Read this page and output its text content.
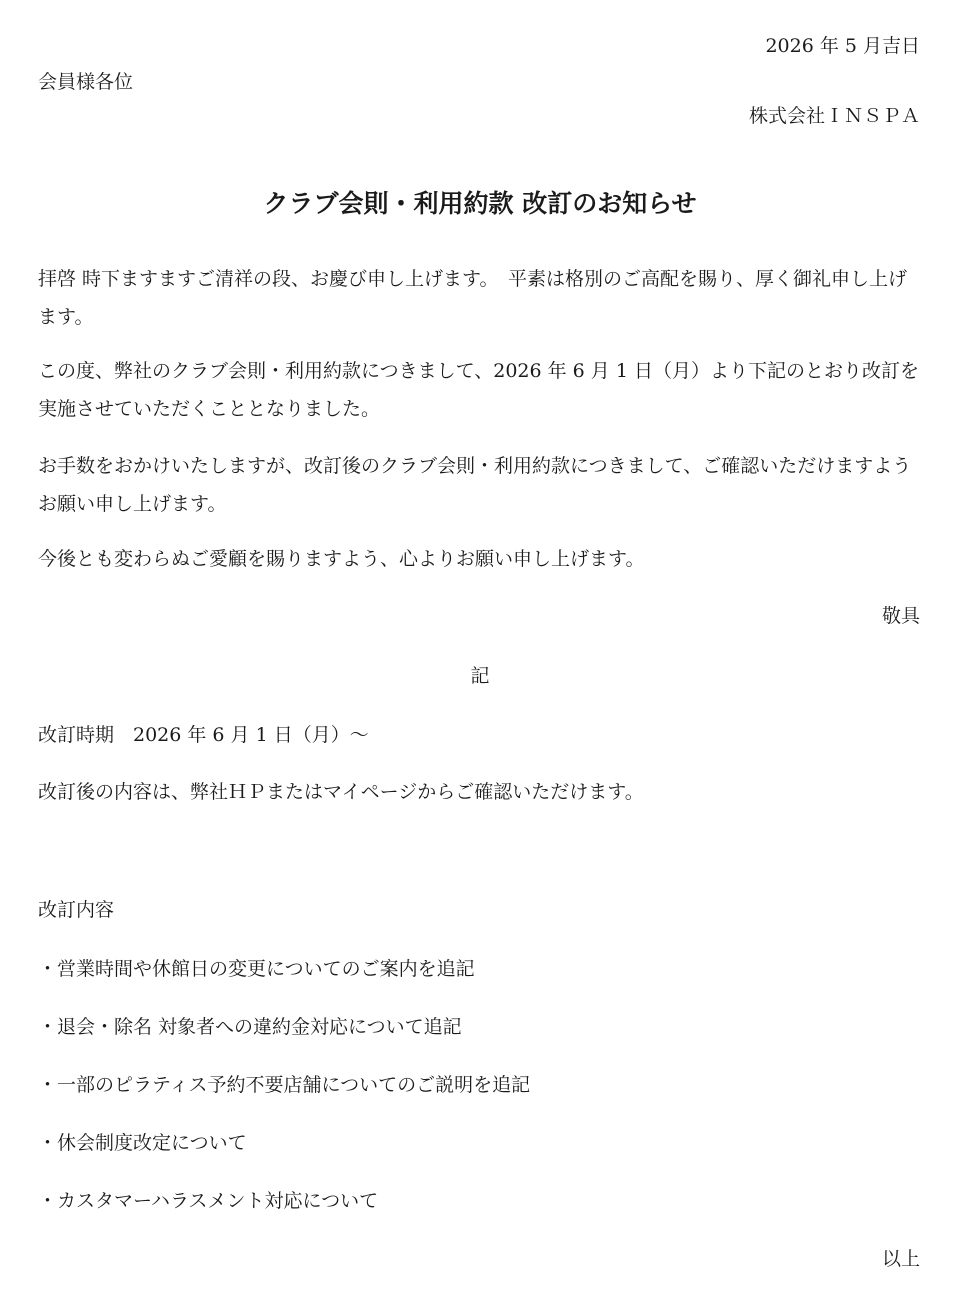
2026 年 5 月吉日

会員様各位

株式会社ＩＮＳＰＡ

クラブ会則・利用約款 改訂のお知らせ

拝啓 時下ますますご清祥の段、お慶び申し上げます。　平素は格別のご高配を賜り、厚く御礼申し上げます。

この度、弊社のクラブ会則・利用約款につきまして、2026 年 6 月 1 日（月）より下記のとおり改訂を実施させていただくこととなりました。

お手数をおかけいたしますが、改訂後のクラブ会則・利用約款につきまして、ご確認いただけますようお願い申し上げます。

今後とも変わらぬご愛顧を賜りますよう、心よりお願い申し上げます。

敬具

記

改訂時期　2026 年 6 月 1 日（月）～

改訂後の内容は、弊社ＨＰまたはマイページからご確認いただけます。

改訂内容

・営業時間や休館日の変更についてのご案内を追記

・退会・除名 対象者への違約金対応について追記

・一部のピラティス予約不要店舗についてのご説明を追記

・休会制度改定について

・カスタマーハラスメント対応について

以上
